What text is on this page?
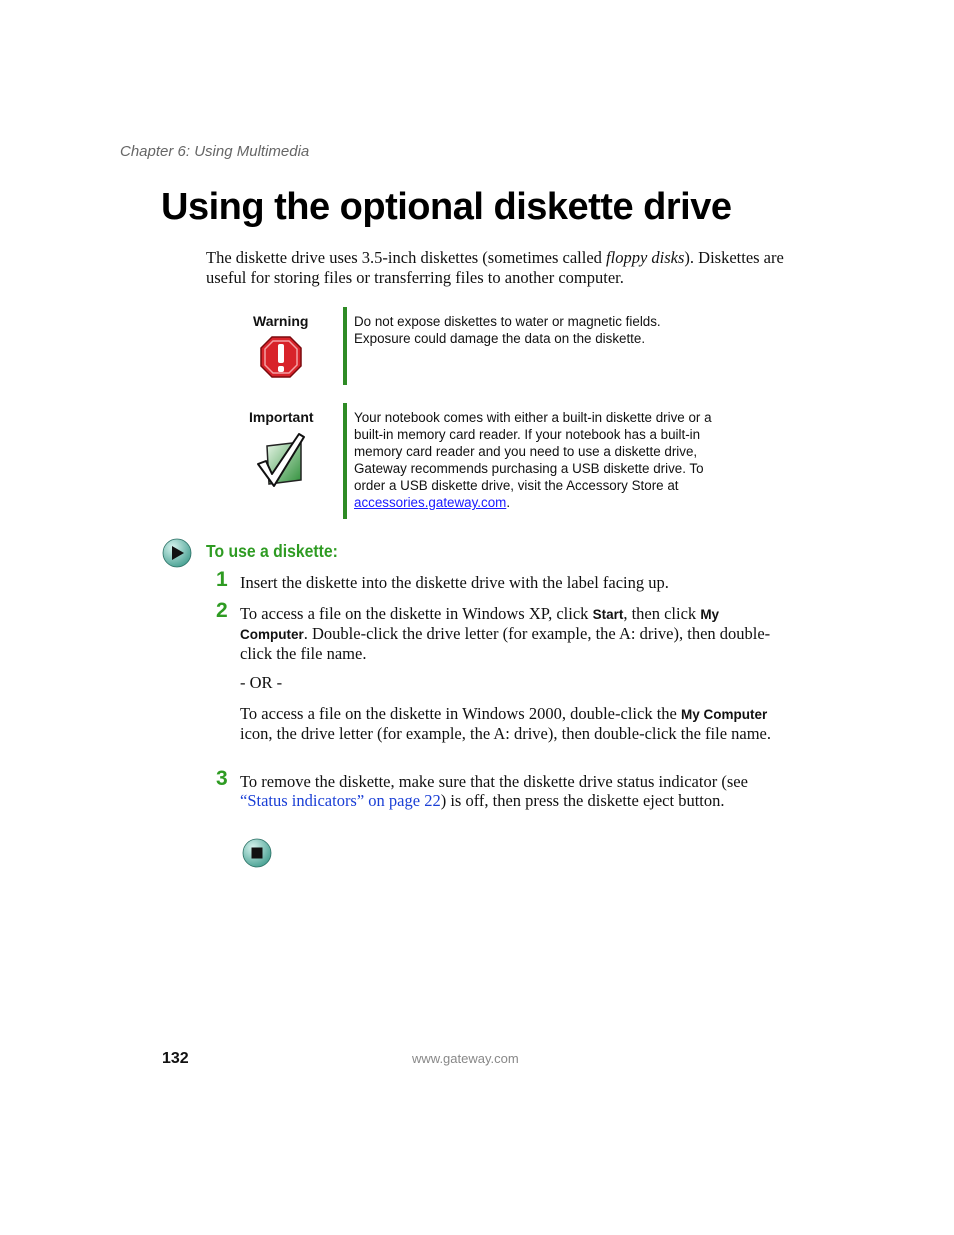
Chapter 6: Using Multimedia
Using the optional diskette drive

The diskette drive uses 3.5-inch diskettes (sometimes called floppy disks). Diskettes are useful for storing files or transferring files to another computer.

Warning	Do not expose diskettes to water or magnetic fields.
Exposure could damage the data on the diskette.
Important	Your notebook comes with either a built-in diskette drive or a built-in memory card reader. If your notebook has a built-in memory card reader and you need to use a diskette drive, Gateway recommends purchasing a USB diskette drive. To order a USB diskette drive, visit the Accessory Store at accessories.gateway.com.
To use a diskette:
1 Insert the diskette into the diskette drive with the label facing up.
2 To access a file on the diskette in Windows XP, click Start, then click My Computer. Double-click the drive letter (for example, the A: drive), then double-click the file name.
- OR -
To access a file on the diskette in Windows 2000, double-click the My Computer icon, the drive letter (for example, the A: drive), then double-click the file name.
3 To remove the diskette, make sure that the diskette drive status indicator (see “Status indicators” on page 22) is off, then press the diskette eject button.
132	www.gateway.com
